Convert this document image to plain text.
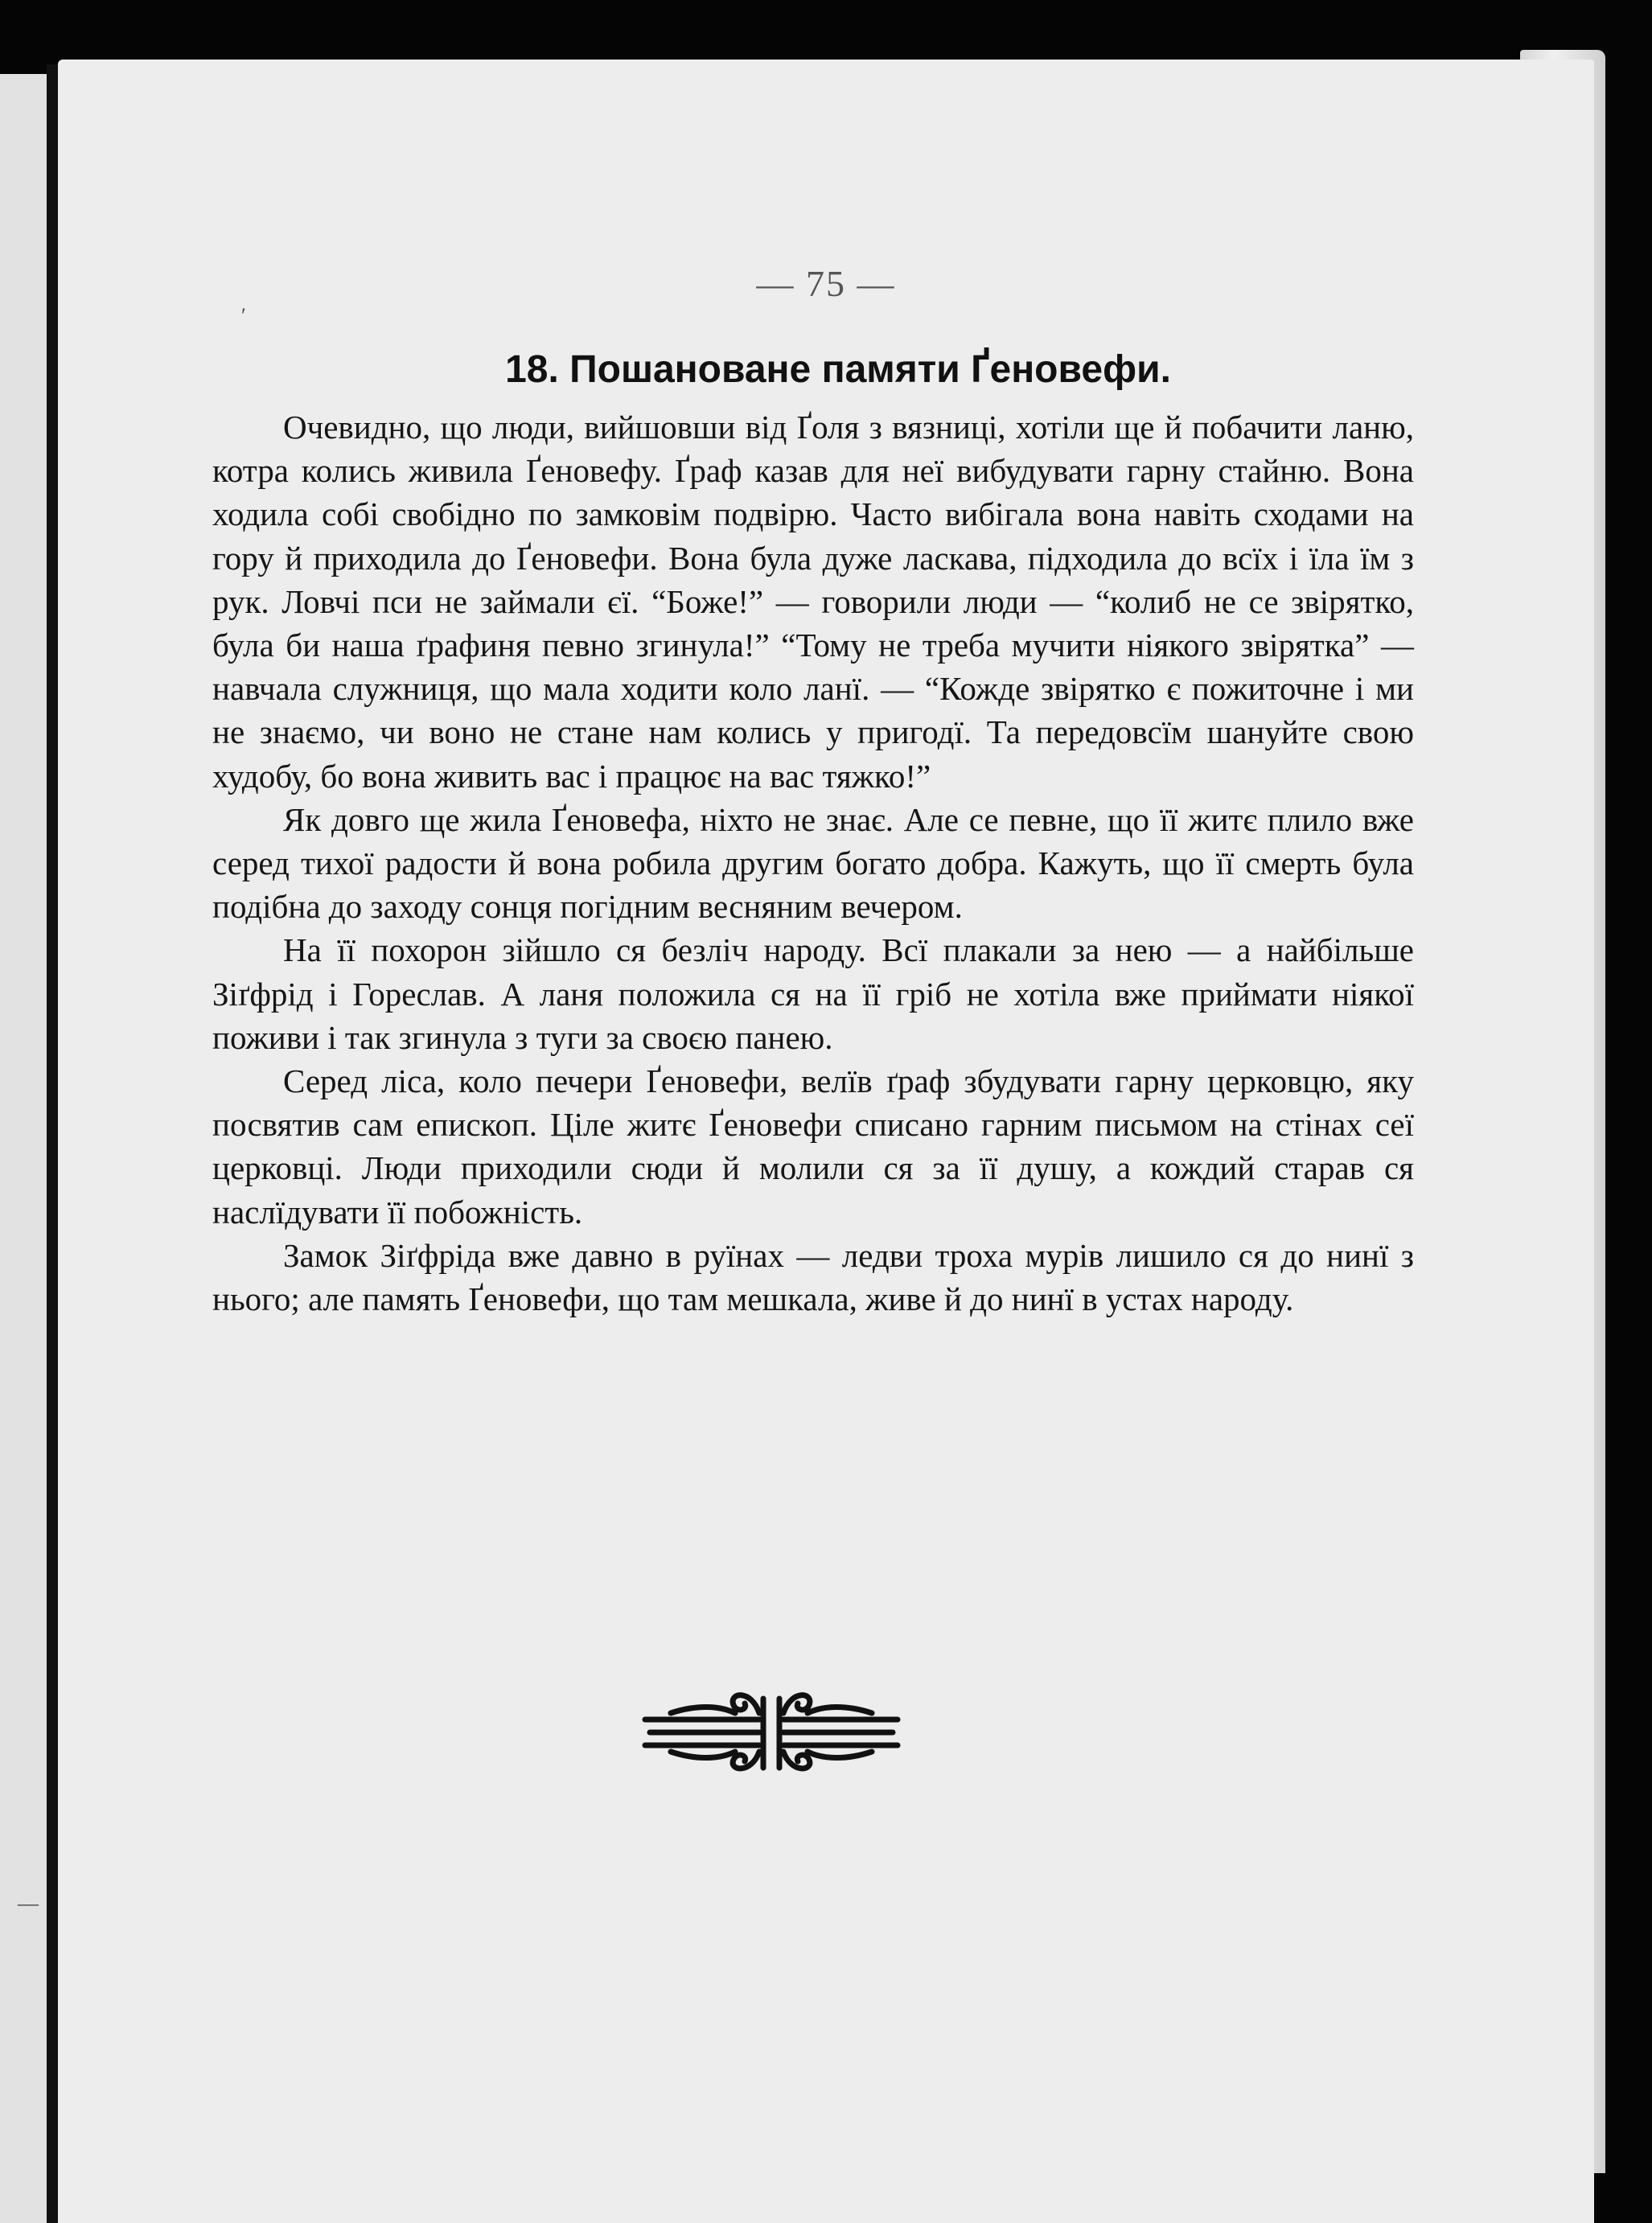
— 75 —
18. Пошановане памяти Ґеновефи.

Очевидно, що люди, вийшовши від Ґоля з вязниці, хотіли ще й побачити ланю, котра колись живила Ґеновефу. Ґраф казав для неї вибудувати гарну стайню. Вона ходила собі свобідно по замковім подвірю. Часто вибігала вона навіть сходами на гору й приходила до Ґеновефи. Вона була дуже ласкава, підходила до всїх і їла їм з рук. Ловчі пси не займали єї. “Боже!” — говорили люди — “колиб не се звірятко, була би наша ґрафиня певно згинула!” “Тому не треба мучити ніякого звірятка” — навчала служниця, що мала ходити коло ланї. — “Кожде звірятко є пожиточне і ми не знаємо, чи воно не стане нам колись у пригодї. Та передовсїм шануйте свою худобу, бо вона живить вас і працює на вас тяжко!”

Як довго ще жила Ґеновефа, ніхто не знає. Але се певне, що її житє плило вже серед тихої радости й вона робила другим богато добра. Кажуть, що її смерть була подібна до заходу сонця погідним весняним вечером.

На її похорон зійшло ся безліч народу. Всї плакали за нею — а найбільше Зіґфрід і Горeслав. А лaня положила ся на її гріб не хотіла вже приймати ніякої поживи і так згинула з туги за своєю панею.

Серед ліса, коло печери Ґеновефи, велїв ґраф збудувати гарну церковцю, яку посвятив сам епископ. Ціле житє Ґеновефи списано гарним письмом на стінах сеї церковці. Люди приходили сюди й молили ся за її душу, а кождий старав ся наслїдувати її побожність.

Замок Зіґфріда вже давно в руїнах — ледви троха мурів лишило ся до нинї з нього; але память Ґеновефи, що там мешкала, живе й до нинї в устах народу.

′
—
